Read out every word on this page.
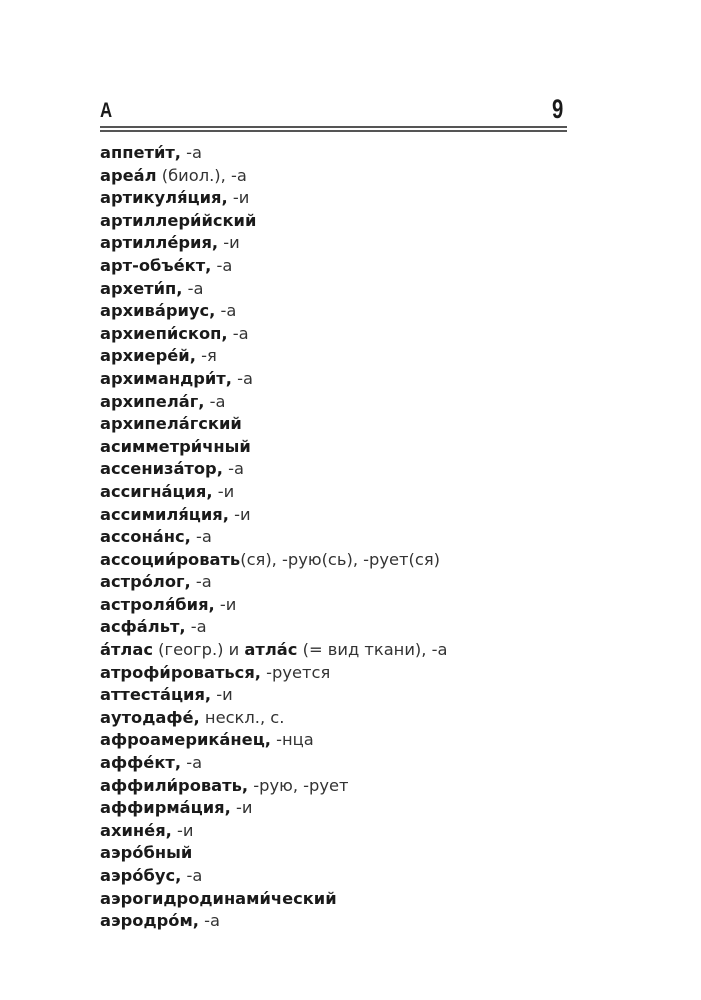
А	9
аппети́т, -а
ареа́л (биол.), -а
артикуля́ция, -и
артиллери́йский
артилле́рия, -и
арт-объе́кт, -а
архети́п, -а
архива́риус, -а
архиепи́скоп, -а
архиере́й, -я
архимандри́т, -а
архипела́г, -а
архипела́гский
асимметри́чный
ассениза́тор, -а
ассигна́ция, -и
ассимиля́ция, -и
ассона́нс, -а
ассоции́ровать(ся), -рую(сь), -рует(ся)
астро́лог, -а
астроля́бия, -и
асфа́льт, -а
а́тлас (геогр.) и атла́с (= вид ткани), -а
атрофи́роваться, -руется
аттеста́ция, -и
аутодафе́, нескл., с.
афроамерика́нец, -нца
аффе́кт, -а
аффили́ровать, -рую, -рует
аффирма́ция, -и
ахине́я, -и
аэро́бный
аэро́бус, -а
аэрогидродинами́ческий
аэродро́м, -а
